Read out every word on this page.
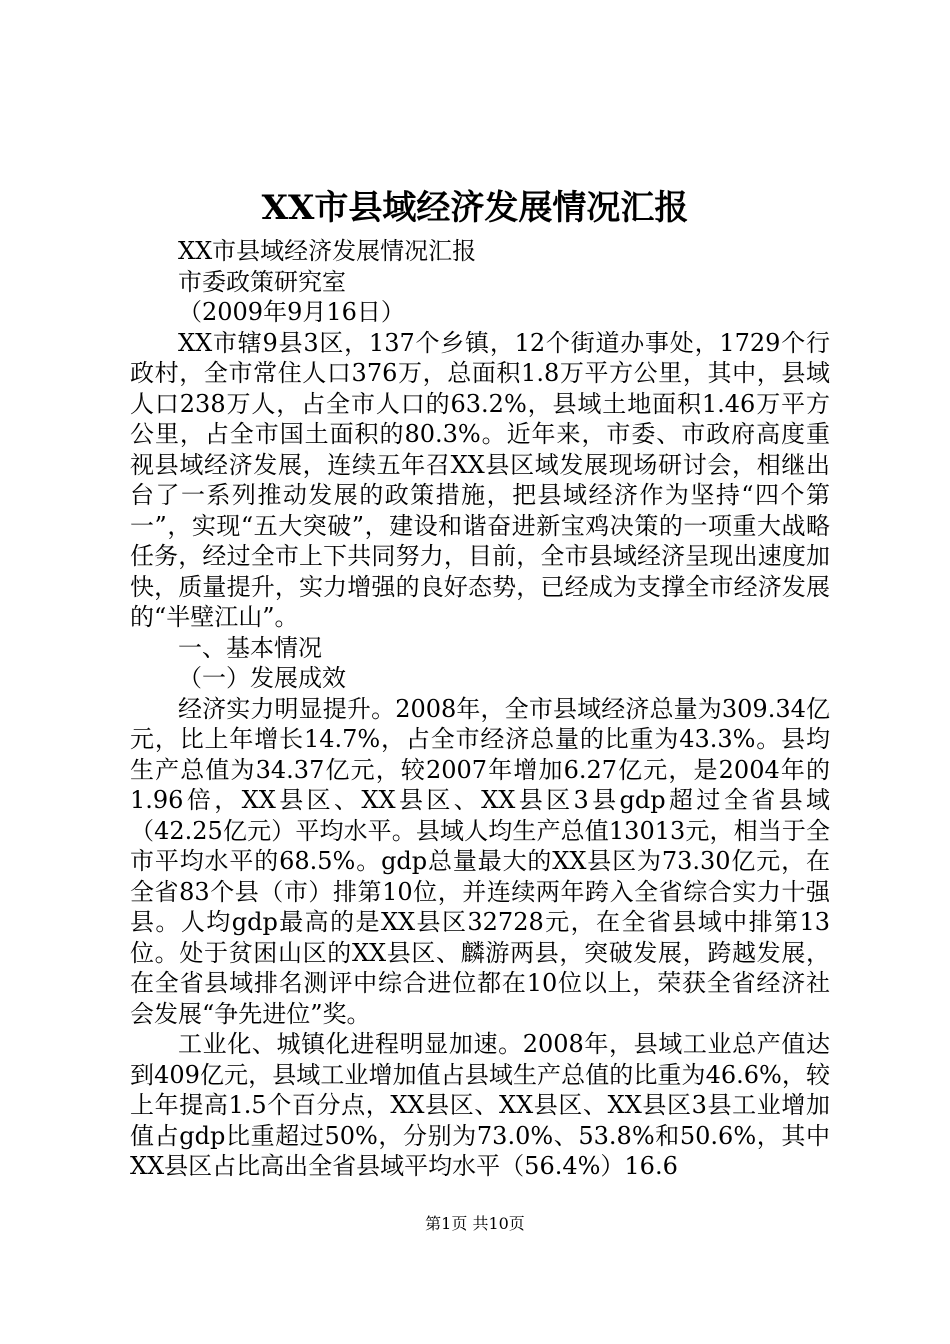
XX市县域经济发展情况汇报

XX市县域经济发展情况汇报

市委政策研究室

（2009年9月16日）

XX市辖9县3区，137个乡镇，12个街道办事处，1729个行政村，全市常住人口376万，总面积1.8万平方公里，其中，县域人口238万人，占全市人口的63.2%，县域土地面积1.46万平方公里，占全市国土面积的80.3%。近年来，市委、市政府高度重视县域经济发展，连续五年召XX县区域发展现场研讨会，相继出台了一系列推动发展的政策措施，把县域经济作为坚持“四个第一”，实现“五大突破”，建设和谐奋进新宝鸡决策的一项重大战略任务，经过全市上下共同努力，目前，全市县域经济呈现出速度加快，质量提升，实力增强的良好态势，已经成为支撑全市经济发展的“半壁江山”。

一、基本情况

（一）发展成效

经济实力明显提升。2008年，全市县域经济总量为309.34亿元，比上年增长14.7%，占全市经济总量的比重为43.3%。县均生产总值为34.37亿元，较2007年增加6.27亿元，是2004年的1.96倍，XX县区、XX县区、XX县区3县gdp超过全省县域（42.25亿元）平均水平。县域人均生产总值13013元，相当于全市平均水平的68.5%。gdp总量最大的XX县区为73.30亿元，在全省83个县（市）排第10位，并连续两年跨入全省综合实力十强县。人均gdp最高的是XX县区32728元，在全省县域中排第13位。处于贫困山区的XX县区、麟游两县，突破发展，跨越发展，在全省县域排名测评中综合进位都在10位以上，荣获全省经济社会发展“争先进位”奖。

工业化、城镇化进程明显加速。2008年，县域工业总产值达到409亿元，县域工业增加值占县域生产总值的比重为46.6%，较上年提高1.5个百分点，XX县区、XX县区、XX县区3县工业增加值占gdp比重超过50%，分别为73.0%、53.8%和50.6%，其中XX县区占比高出全省县域平均水平（56.4%）16.6

第1页 共10页
